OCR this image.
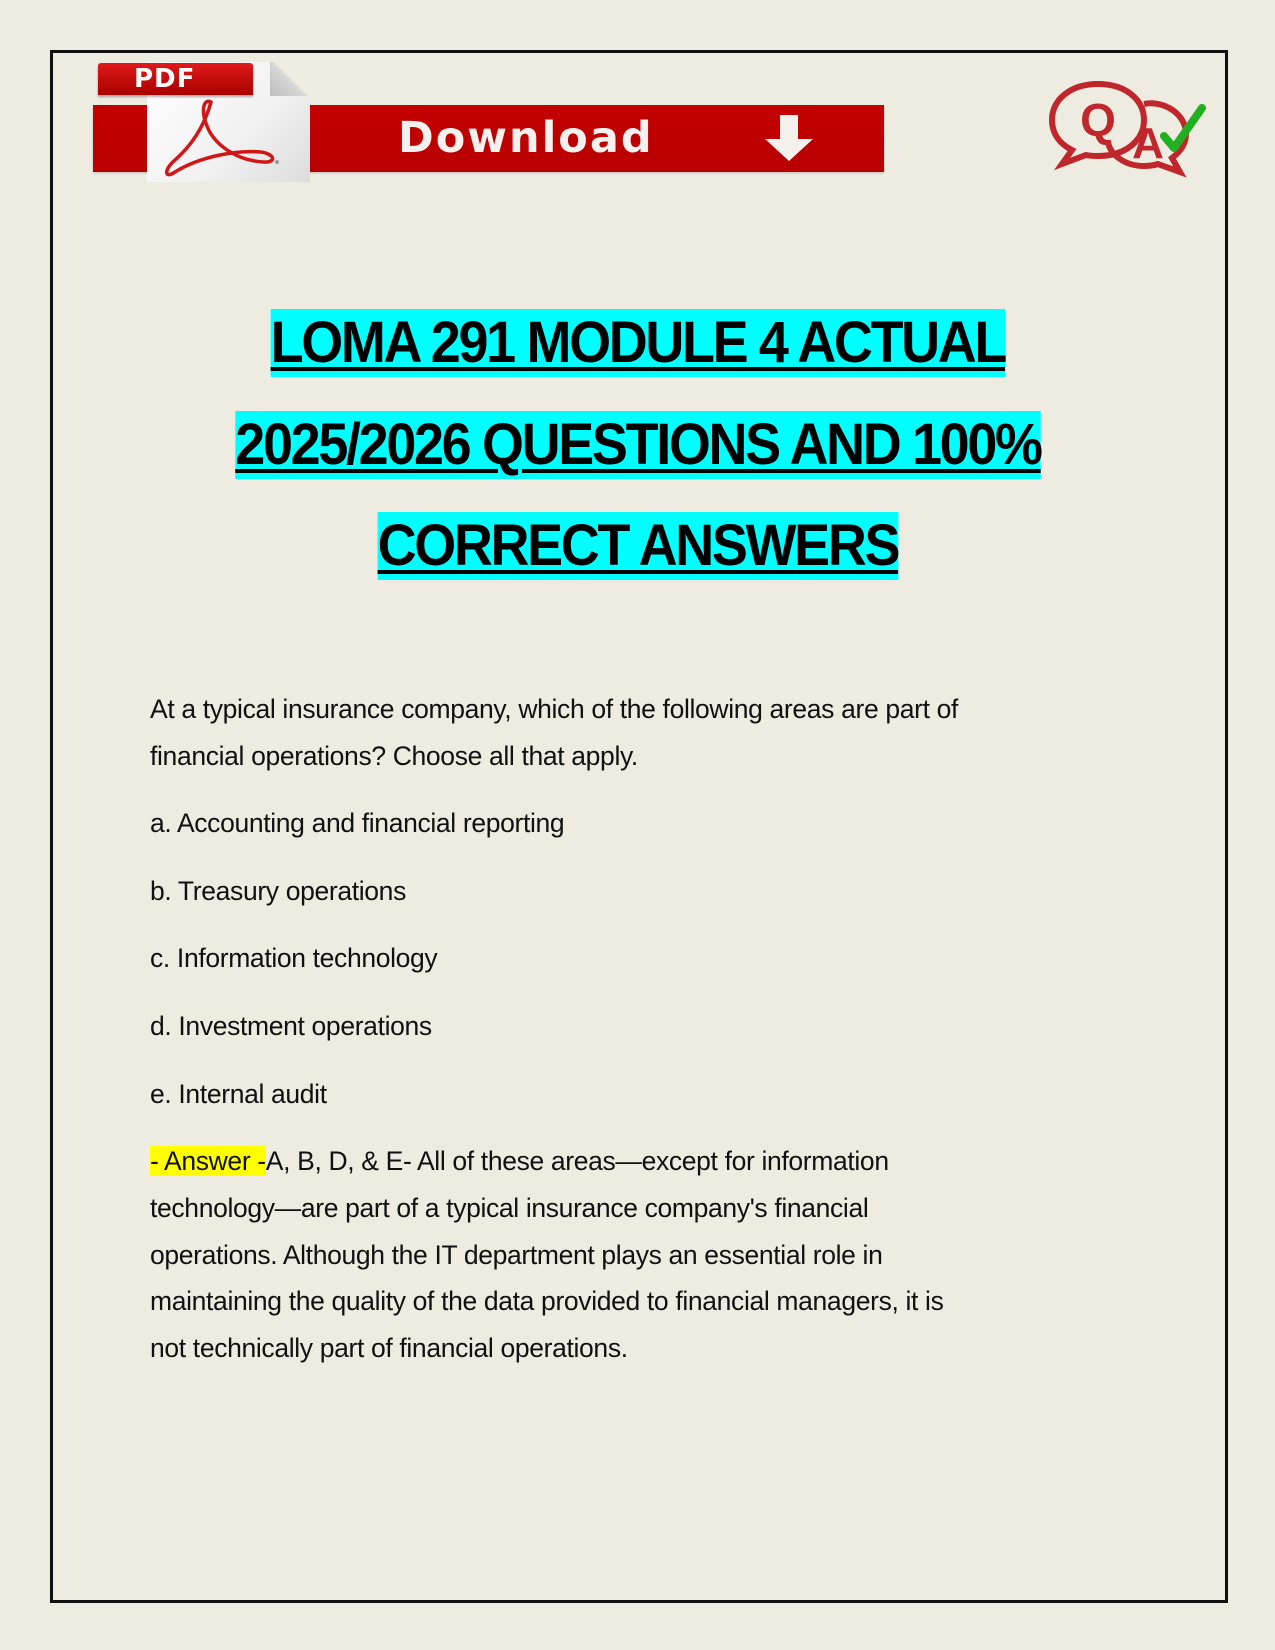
Download
PDF
Q A
LOMA 291 MODULE 4 ACTUAL
2025/2026 QUESTIONS AND 100%
CORRECT ANSWERS
At a typical insurance company, which of the following areas are part of
financial operations? Choose all that apply.
a. Accounting and financial reporting
b. Treasury operations
c. Information technology
d. Investment operations
e. Internal audit
- Answer -A, B, D, & E- All of these areas—except for information
technology—are part of a typical insurance company's financial
operations. Although the IT department plays an essential role in
maintaining the quality of the data provided to financial managers, it is
not technically part of financial operations.
